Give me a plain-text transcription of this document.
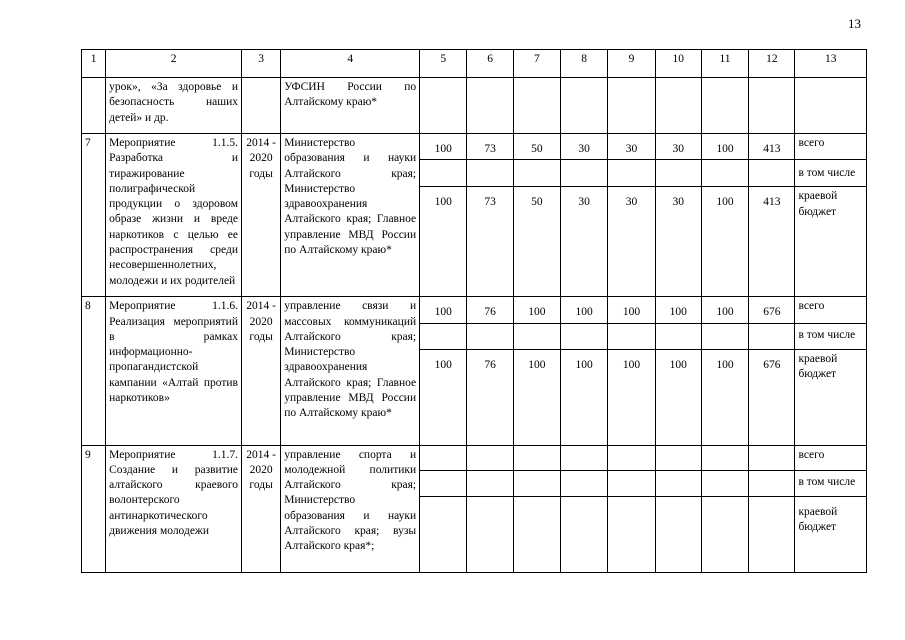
13
1	2	3	4	5	6	7	8	9	10	11	12	13
	урок», «За здоровье и безопасность наших детей» и др.		УФСИН России по Алтайскому краю*									
7	Мероприятие 1.1.5. Разработка и тиражирование полиграфической продукции о здоровом образе жизни и вреде наркотиков с целью ее распространения среди несовершеннолетних, молодежи и их родителей	2014 - 2020 годы	Министерство образования и науки Алтайского края; Министерство здравоохранения Алтайского края; Главное управление МВД России по Алтайскому краю*	100	73	50	30	30	30	100	413	всего
												в том числе
				100	73	50	30	30	30	100	413	краевой бюджет
8	Мероприятие 1.1.6. Реализация мероприятий в рамках информационно-пропагандистской кампании «Алтай против наркотиков»	2014 - 2020 годы	управление связи и массовых коммуникаций Алтайского края; Министерство здравоохранения Алтайского края; Главное управление МВД России по Алтайскому краю*	100	76	100	100	100	100	100	676	всего
												в том числе
				100	76	100	100	100	100	100	676	краевой бюджет
9	Мероприятие 1.1.7. Создание и развитие алтайского краевого волонтерского антинаркотического движения молодежи	2014 - 2020 годы	управление спорта и молодежной политики Алтайского края; Министерство образования и науки Алтайского края; вузы Алтайского края*;									всего
												в том числе
												краевой бюджет
